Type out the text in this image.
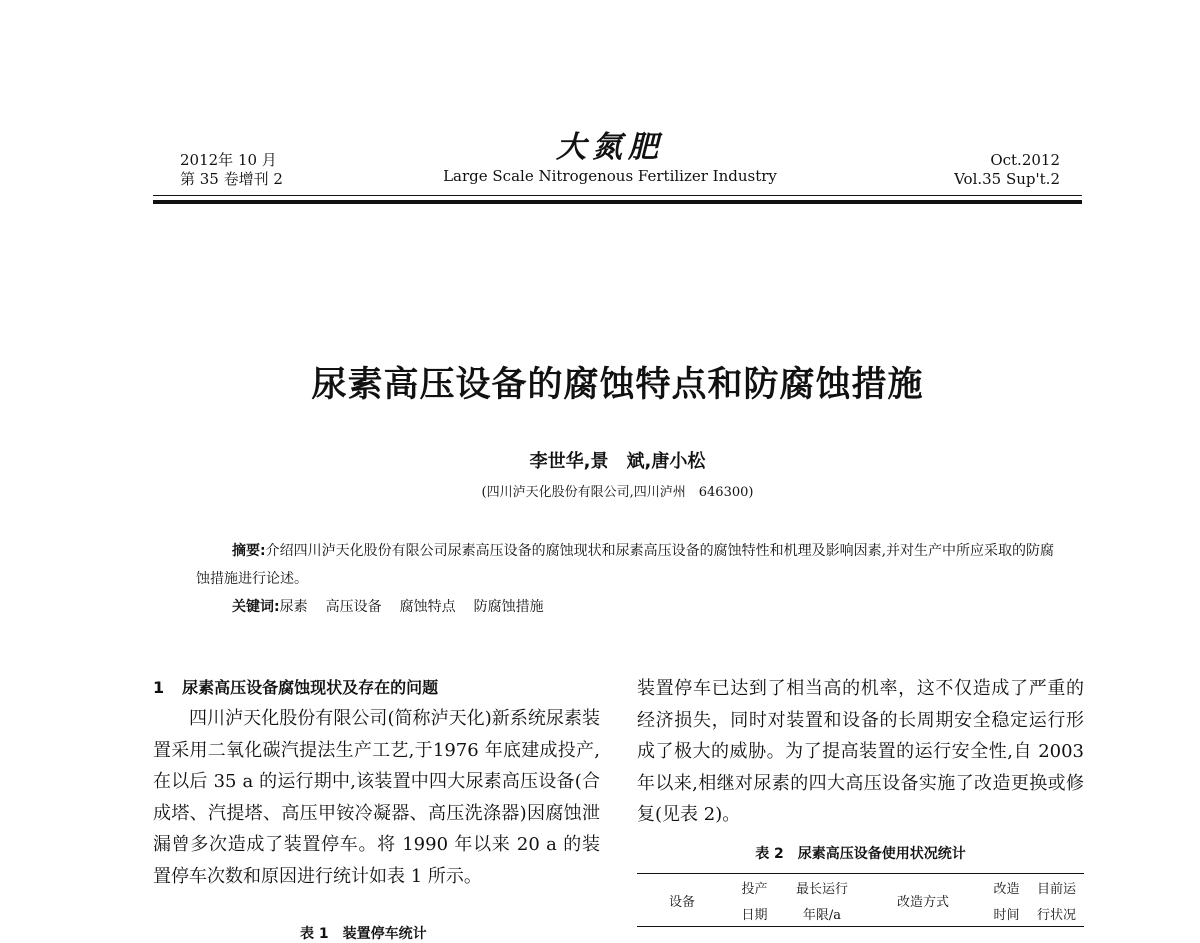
2012年 10 月
第 35 卷增刊 2
大氮肥
Large Scale Nitrogenous Fertilizer Industry
Oct.2012
Vol.35 Sup't.2
尿素高压设备的腐蚀特点和防腐蚀措施
李世华,景　斌,唐小松
(四川泸天化股份有限公司,四川泸州　646300)

摘要:介绍四川泸天化股份有限公司尿素高压设备的腐蚀现状和尿素高压设备的腐蚀特性和机理及影响因素,并对生产中所应采取的防腐蚀措施进行论述。

关键词:尿素 高压设备 腐蚀特点 防腐蚀措施
1 尿素高压设备腐蚀现状及存在的问题

四川泸天化股份有限公司(简称泸天化)新系统尿素装置采用二氧化碳汽提法生产工艺,于1976 年底建成投产,在以后 35 a 的运行期中,该装置中四大尿素高压设备(合成塔、汽提塔、高压甲铵冷凝器、高压洗涤器)因腐蚀泄漏曾多次造成了装置停车。将 1990 年以来 20 a 的装置停车次数和原因进行统计如表 1 所示。

表 1　装置停车统计

装置停车已达到了相当高的机率，这不仅造成了严重的经济损失，同时对装置和设备的长周期安全稳定运行形成了极大的威胁。为了提高装置的运行安全性,自 2003 年以来,相继对尿素的四大高压设备实施了改造更换或修复(见表 2)。

表 2　尿素高压设备使用状况统计
设备	投产	最长运行	改造方式	改造	目前运
	日期	年限/a		时间	行状况
